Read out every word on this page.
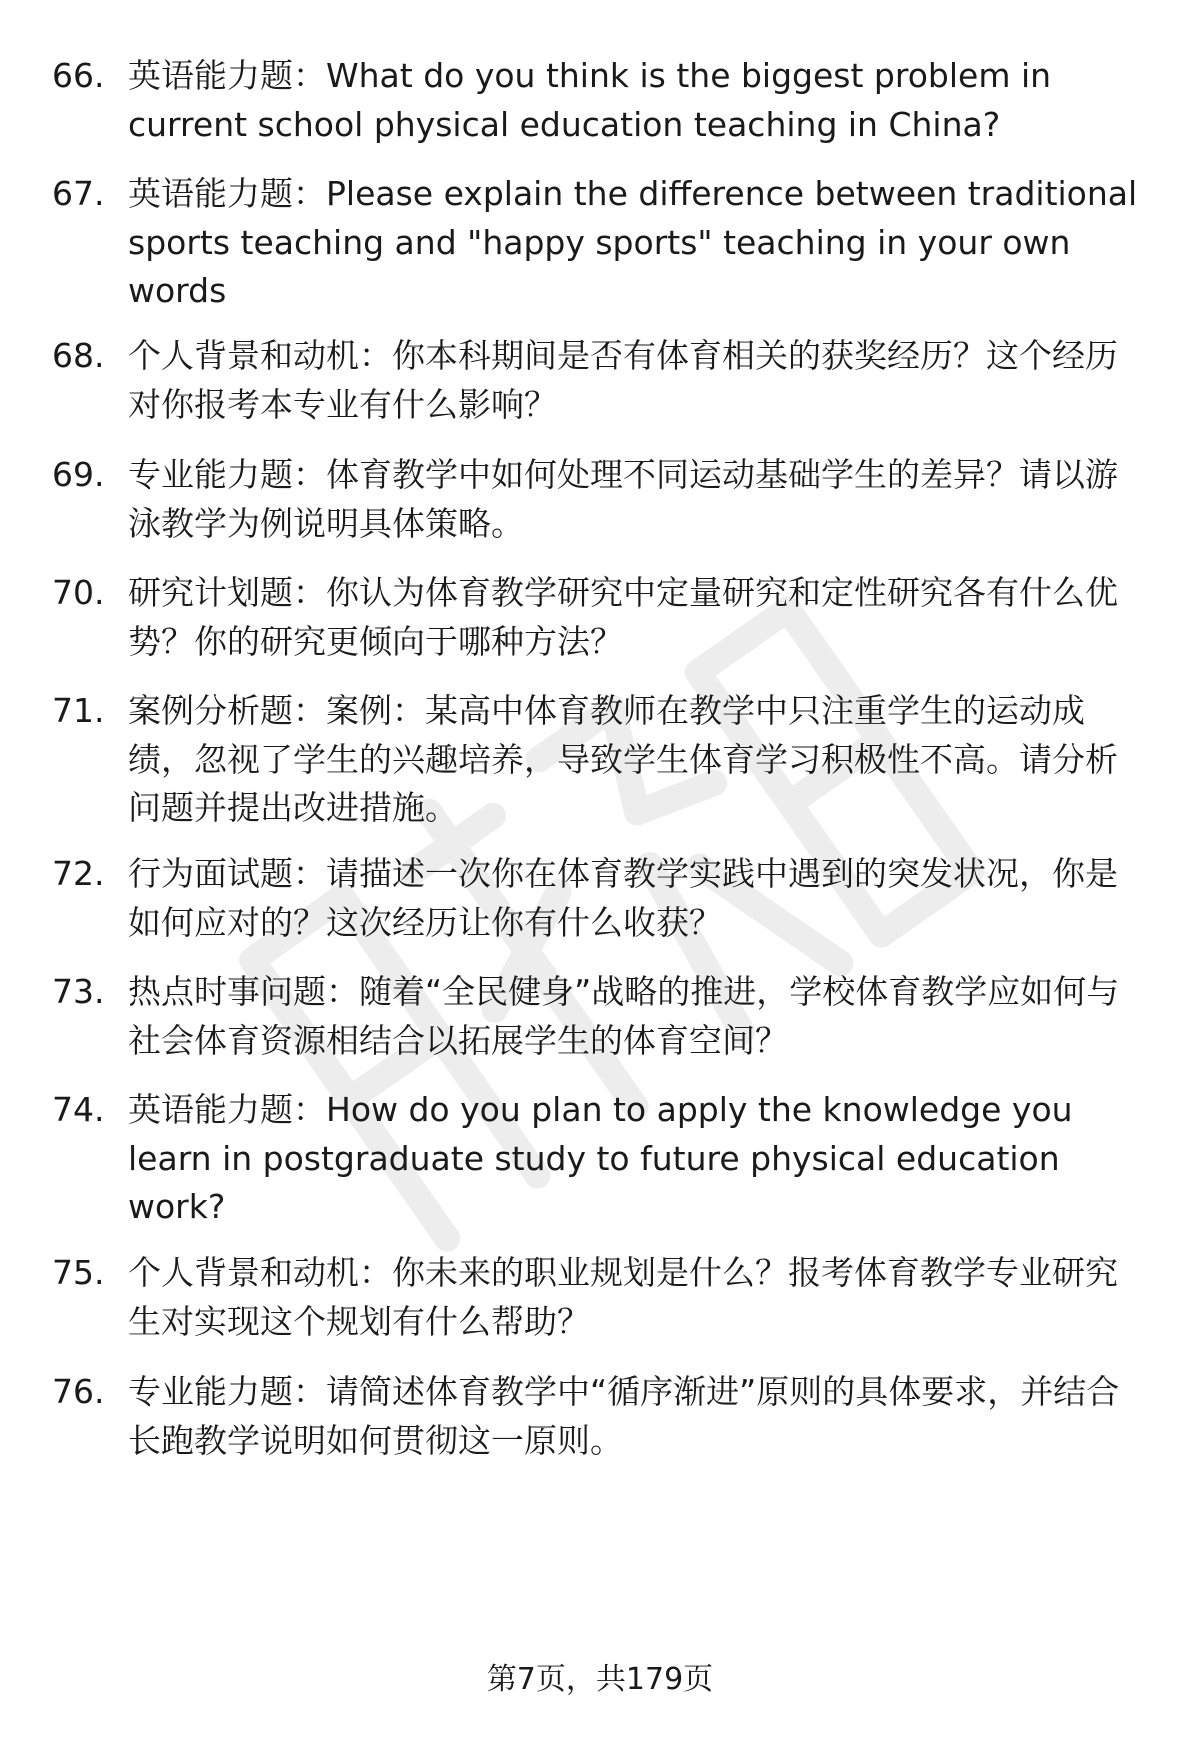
66. 英语能力题：What do you think is the biggest problem in current school physical education teaching in China?
67. 英语能力题：Please explain the difference between traditional sports teaching and "happy sports" teaching in your own words
68. 个人背景和动机：你本科期间是否有体育相关的获奖经历？这个经历对你报考本专业有什么影响？
69. 专业能力题：体育教学中如何处理不同运动基础学生的差异？请以游泳教学为例说明具体策略。
70. 研究计划题：你认为体育教学研究中定量研究和定性研究各有什么优势？你的研究更倾向于哪种方法？
71. 案例分析题：案例：某高中体育教师在教学中只注重学生的运动成绩，忽视了学生的兴趣培养，导致学生体育学习积极性不高。请分析问题并提出改进措施。
72. 行为面试题：请描述一次你在体育教学实践中遇到的突发状况，你是如何应对的？这次经历让你有什么收获？
73. 热点时事问题：随着“全民健身”战略的推进，学校体育教学应如何与社会体育资源相结合以拓展学生的体育空间？
74. 英语能力题：How do you plan to apply the knowledge you learn in postgraduate study to future physical education work?
75. 个人背景和动机：你未来的职业规划是什么？报考体育教学专业研究生对实现这个规划有什么帮助？
76. 专业能力题：请简述体育教学中“循序渐进”原则的具体要求，并结合长跑教学说明如何贯彻这一原则。
第7页，共179页
